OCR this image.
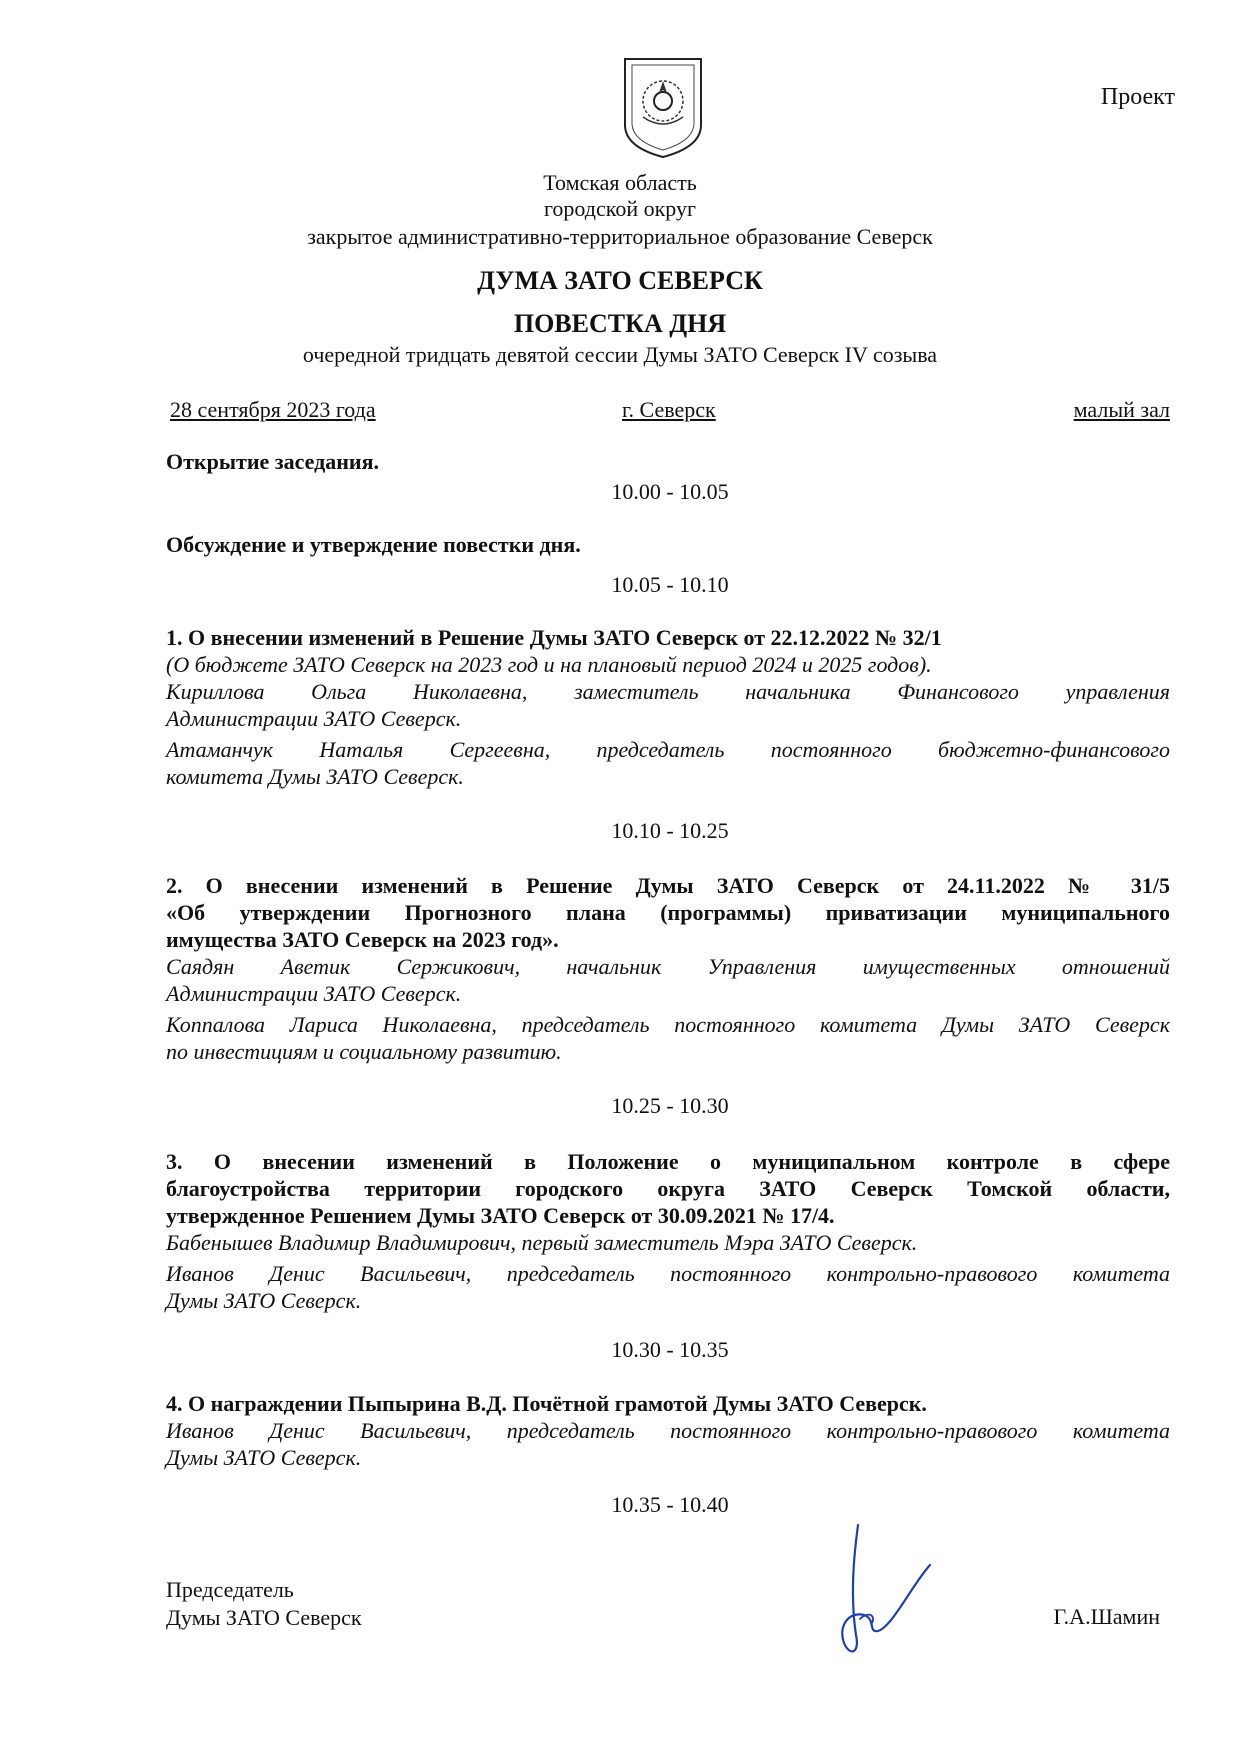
Проект
Томская область
городской округ
закрытое административно-территориальное образование Северск
ДУМА ЗАТО СЕВЕРСК
ПОВЕСТКА ДНЯ
очередной тридцать девятой сессии Думы ЗАТО Северск IV созыва
28 сентября 2023 года	г. Северск	малый зал
Открытие заседания.
10.00 - 10.05
Обсуждение и утверждение повестки дня.
10.05 - 10.10
1. О внесении изменений в Решение Думы ЗАТО Северск от 22.12.2022 № 32/1
(О бюджете ЗАТО Северск на 2023 год и на плановый период 2024 и 2025 годов).
Кириллова Ольга Николаевна, заместитель начальника Финансового управления
Администрации ЗАТО Северск.
Атаманчук Наталья Сергеевна, председатель постоянного бюджетно-финансового
комитета Думы ЗАТО Северск.
10.10 - 10.25
2. О внесении изменений в Решение Думы ЗАТО Северск от 24.11.2022 № 31/5
«Об утверждении Прогнозного плана (программы) приватизации муниципального
имущества ЗАТО Северск на 2023 год».
Саядян Аветик Сержикович, начальник Управления имущественных отношений
Администрации ЗАТО Северск.
Коппалова Лариса Николаевна, председатель постоянного комитета Думы ЗАТО Северск
по инвестициям и социальному развитию.
10.25 - 10.30
3. О внесении изменений в Положение о муниципальном контроле в сфере
благоустройства территории городского округа ЗАТО Северск Томской области,
утвержденное Решением Думы ЗАТО Северск от 30.09.2021 № 17/4.
Бабенышев Владимир Владимирович, первый заместитель Мэра ЗАТО Северск.
Иванов Денис Васильевич, председатель постоянного контрольно-правового комитета
Думы ЗАТО Северск.
10.30 - 10.35
4. О награждении Пыпырина В.Д. Почётной грамотой Думы ЗАТО Северск.
Иванов Денис Васильевич, председатель постоянного контрольно-правового комитета
Думы ЗАТО Северск.
10.35 - 10.40
Председатель
Думы ЗАТО Северск	Г.А.Шамин
